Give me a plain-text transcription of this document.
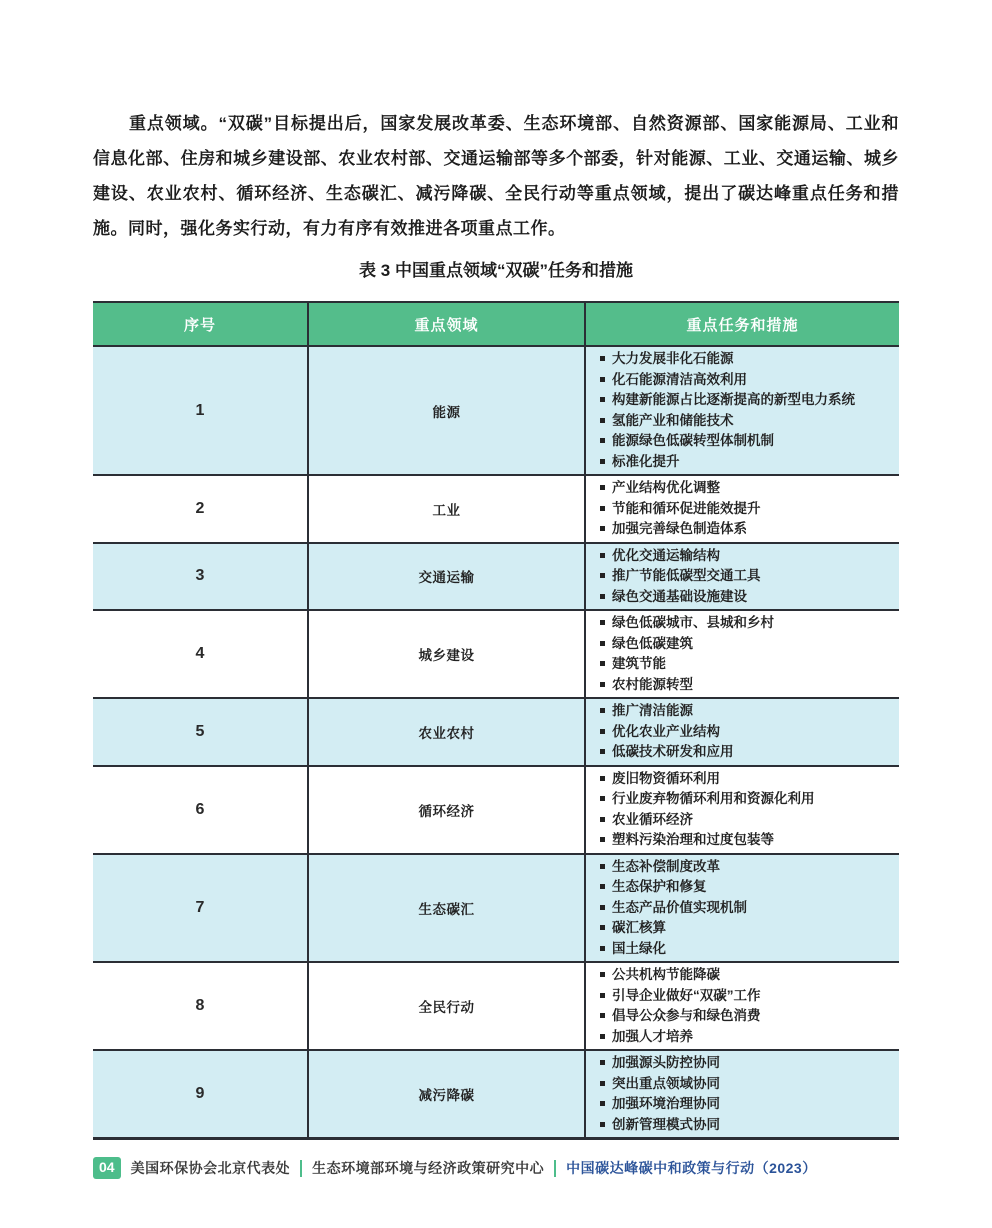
重点领域。“双碳”目标提出后，国家发展改革委、生态环境部、自然资源部、国家能源局、工业和信息化部、住房和城乡建设部、农业农村部、交通运输部等多个部委，针对能源、工业、交通运输、城乡建设、农业农村、循环经济、生态碳汇、减污降碳、全民行动等重点领域，提出了碳达峰重点任务和措施。同时，强化务实行动，有力有序有效推进各项重点工作。

表 3 中国重点领域“双碳”任务和措施
序号	重点领域	重点任务和措施
1	能源	
大力发展非化石能源
化石能源清洁高效利用
构建新能源占比逐渐提高的新型电力系统
氢能产业和储能技术
能源绿色低碳转型体制机制
标准化提升

2	工业	
产业结构优化调整
节能和循环促进能效提升
加强完善绿色制造体系

3	交通运输	
优化交通运输结构
推广节能低碳型交通工具
绿色交通基础设施建设

4	城乡建设	
绿色低碳城市、县城和乡村
绿色低碳建筑
建筑节能
农村能源转型

5	农业农村	
推广清洁能源
优化农业产业结构
低碳技术研发和应用

6	循环经济	
废旧物资循环利用
行业废弃物循环利用和资源化利用
农业循环经济
塑料污染治理和过度包装等

7	生态碳汇	
生态补偿制度改革
生态保护和修复
生态产品价值实现机制
碳汇核算
国土绿化

8	全民行动	
公共机构节能降碳
引导企业做好“双碳”工作
倡导公众参与和绿色消费
加强人才培养

9	减污降碳	
加强源头防控协同
突出重点领域协同
加强环境治理协同
创新管理模式协同
04	美国环保协会北京代表处 生态环境部环境与经济政策研究中心 中国碳达峰碳中和政策与行动（2023）
